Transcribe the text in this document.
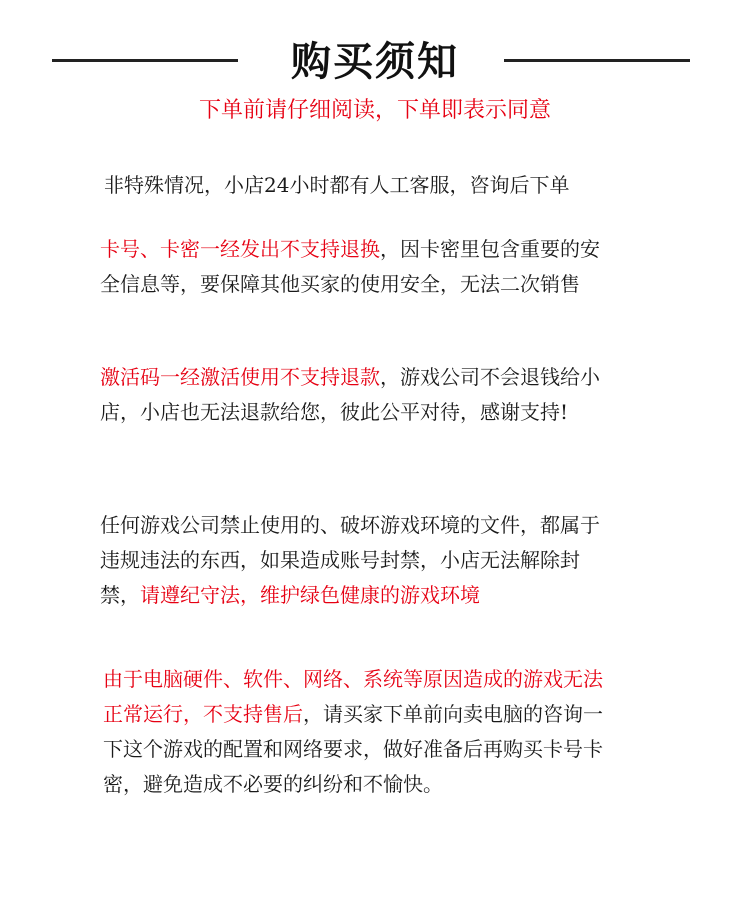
购买须知
下单前请仔细阅读，下单即表示同意
非特殊情况，小店24小时都有人工客服，咨询后下单
卡号、卡密一经发出不支持退换，因卡密里包含重要的安全信息等，要保障其他买家的使用安全，无法二次销售
激活码一经激活使用不支持退款，游戏公司不会退钱给小店，小店也无法退款给您，彼此公平对待，感谢支持!
任何游戏公司禁止使用的、破坏游戏环境的文件，都属于违规违法的东西，如果造成账号封禁，小店无法解除封禁，请遵纪守法，维护绿色健康的游戏环境
由于电脑硬件、软件、网络、系统等原因造成的游戏无法正常运行，不支持售后，请买家下单前向卖电脑的咨询一下这个游戏的配置和网络要求，做好准备后再购买卡号卡密，避免造成不必要的纠纷和不愉快。
